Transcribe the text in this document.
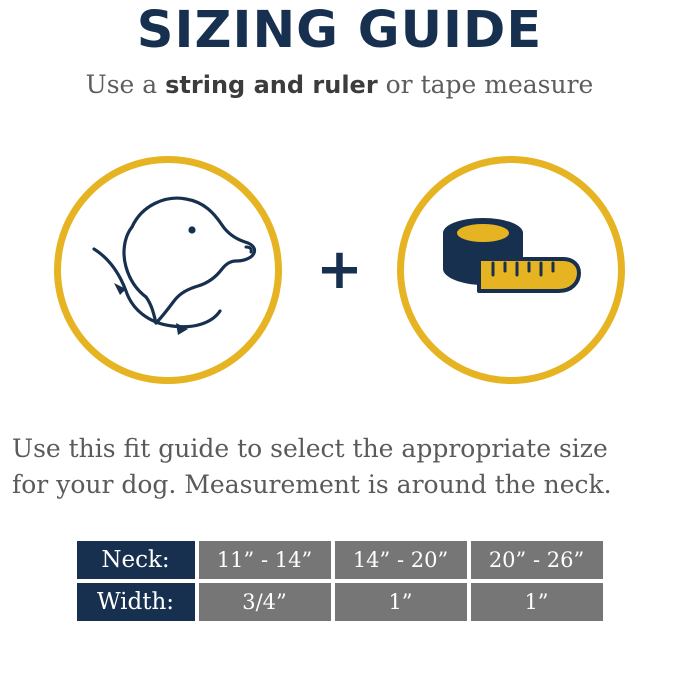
SIZING GUIDE

Use a string and ruler or tape measure

+
Use this fit guide to select the appropriate size
for your dog. Measurement is around the neck.
Neck:	11” - 14”	14” - 20”	20” - 26”
Width:	3/4”	1”	1”
